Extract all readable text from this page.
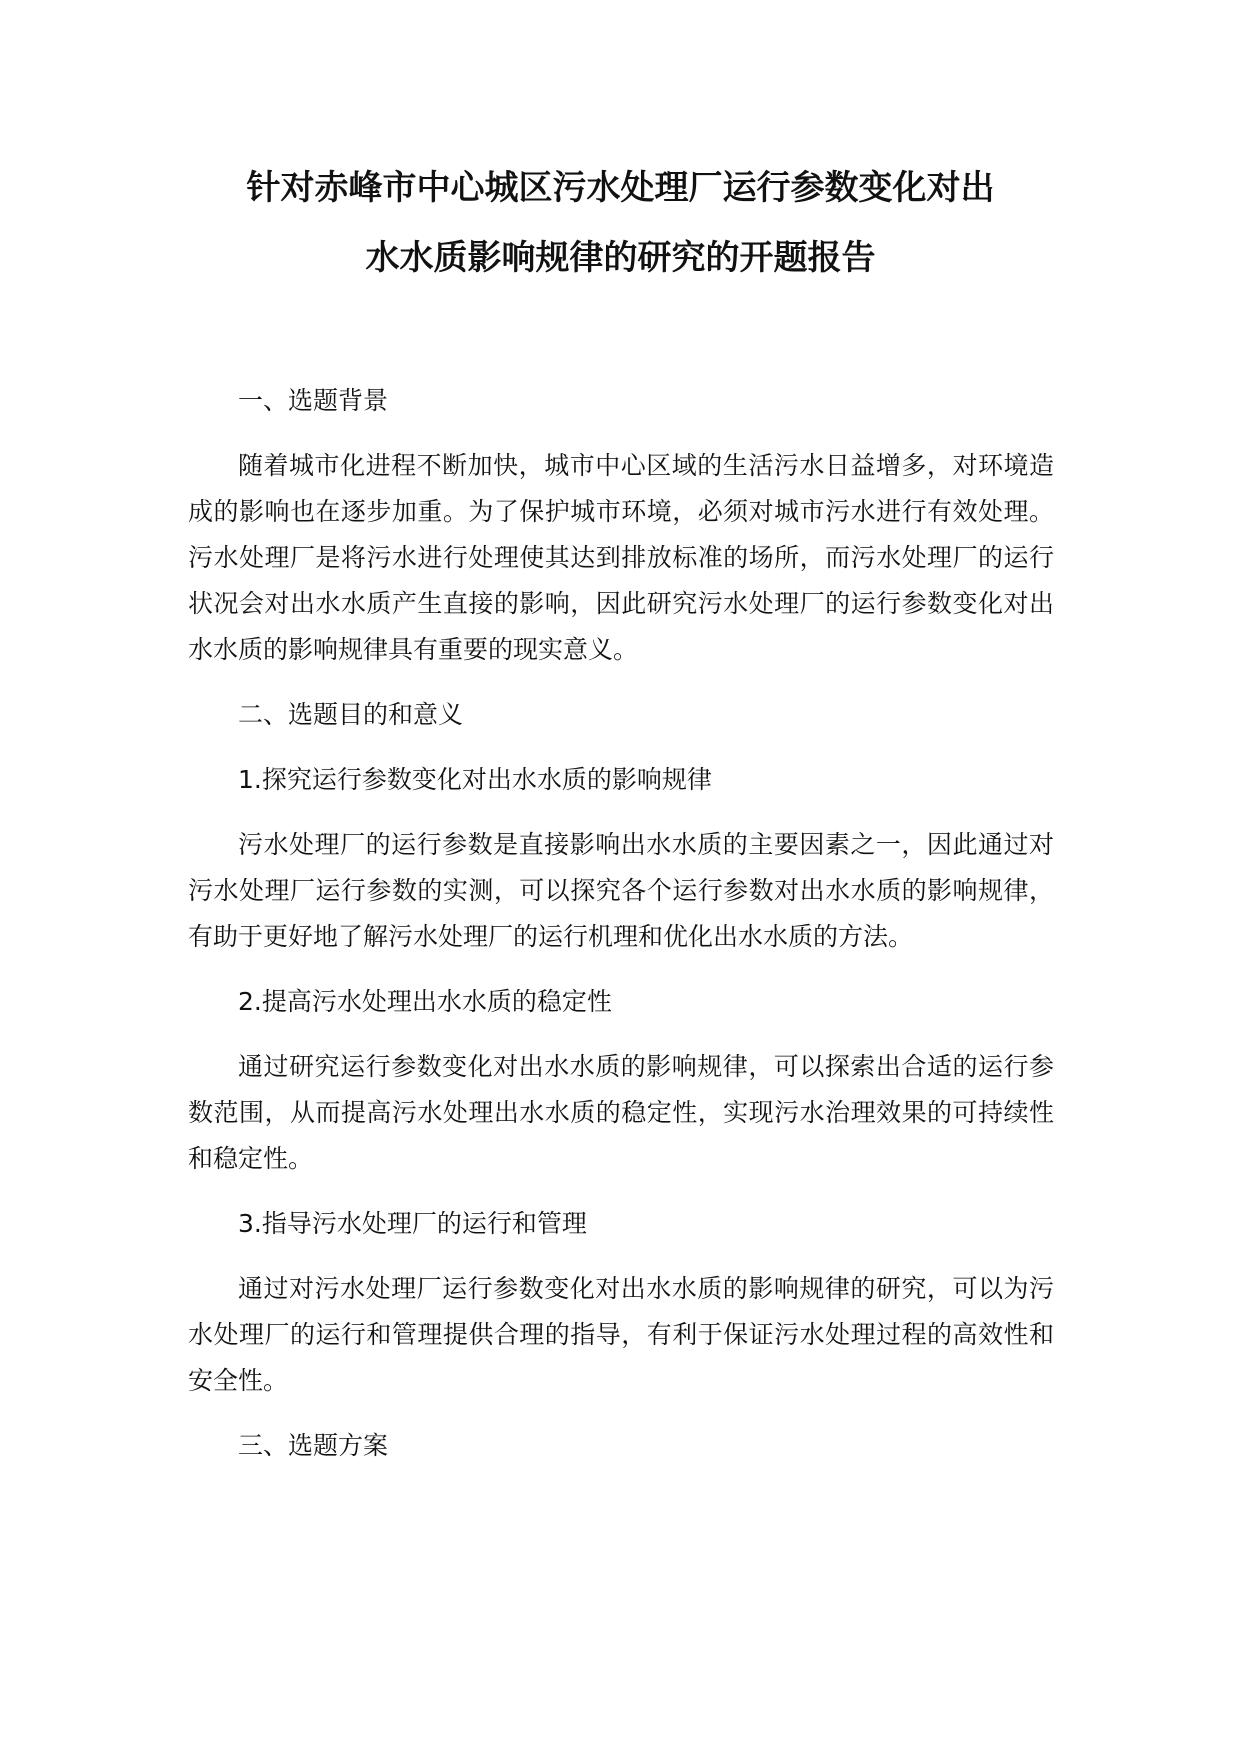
针对赤峰市中心城区污水处理厂运行参数变化对出
水水质影响规律的研究的开题报告

一、选题背景

随着城市化进程不断加快，城市中心区域的生活污水日益增多，对环境造成的影响也在逐步加重。为了保护城市环境，必须对城市污水进行有效处理。污水处理厂是将污水进行处理使其达到排放标准的场所，而污水处理厂的运行状况会对出水水质产生直接的影响，因此研究污水处理厂的运行参数变化对出水水质的影响规律具有重要的现实意义。

二、选题目的和意义

1.探究运行参数变化对出水水质的影响规律

污水处理厂的运行参数是直接影响出水水质的主要因素之一，因此通过对污水处理厂运行参数的实测，可以探究各个运行参数对出水水质的影响规律，有助于更好地了解污水处理厂的运行机理和优化出水水质的方法。

2.提高污水处理出水水质的稳定性

通过研究运行参数变化对出水水质的影响规律，可以探索出合适的运行参数范围，从而提高污水处理出水水质的稳定性，实现污水治理效果的可持续性和稳定性。

3.指导污水处理厂的运行和管理

通过对污水处理厂运行参数变化对出水水质的影响规律的研究，可以为污水处理厂的运行和管理提供合理的指导，有利于保证污水处理过程的高效性和安全性。

三、选题方案
